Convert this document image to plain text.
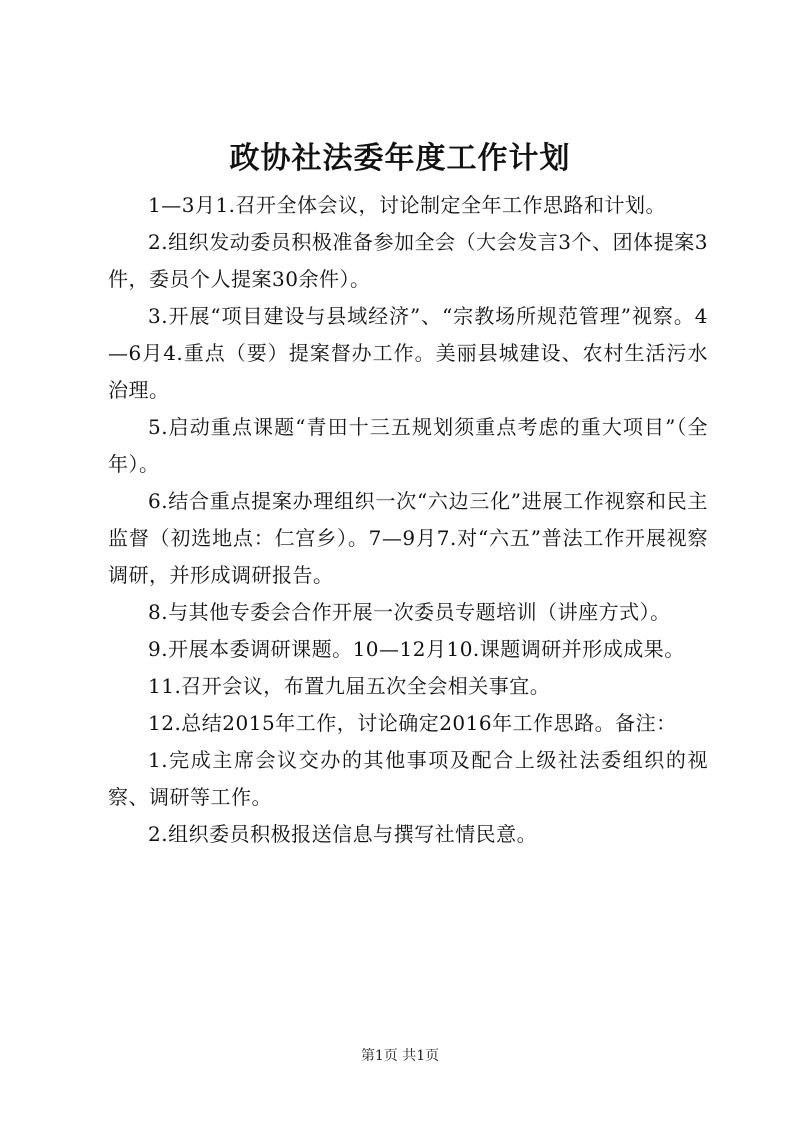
政协社法委年度工作计划

1—3月1.召开全体会议，讨论制定全年工作思路和计划。

2.组织发动委员积极准备参加全会（大会发言3个、团体提案3件，委员个人提案30余件）。

3.开展“项目建设与县域经济”、“宗教场所规范管理”视察。4—6月4.重点（要）提案督办工作。美丽县城建设、农村生活污水治理。

5.启动重点课题“青田十三五规划须重点考虑的重大项目”（全年）。

6.结合重点提案办理组织一次“六边三化”进展工作视察和民主监督（初选地点：仁宫乡）。7—9月7.对“六五”普法工作开展视察调研，并形成调研报告。

8.与其他专委会合作开展一次委员专题培训（讲座方式）。

9.开展本委调研课题。10—12月10.课题调研并形成成果。

11.召开会议，布置九届五次全会相关事宜。

12.总结2015年工作，讨论确定2016年工作思路。备注：

1.完成主席会议交办的其他事项及配合上级社法委组织的视察、调研等工作。

2.组织委员积极报送信息与撰写社情民意。

第1页 共1页
